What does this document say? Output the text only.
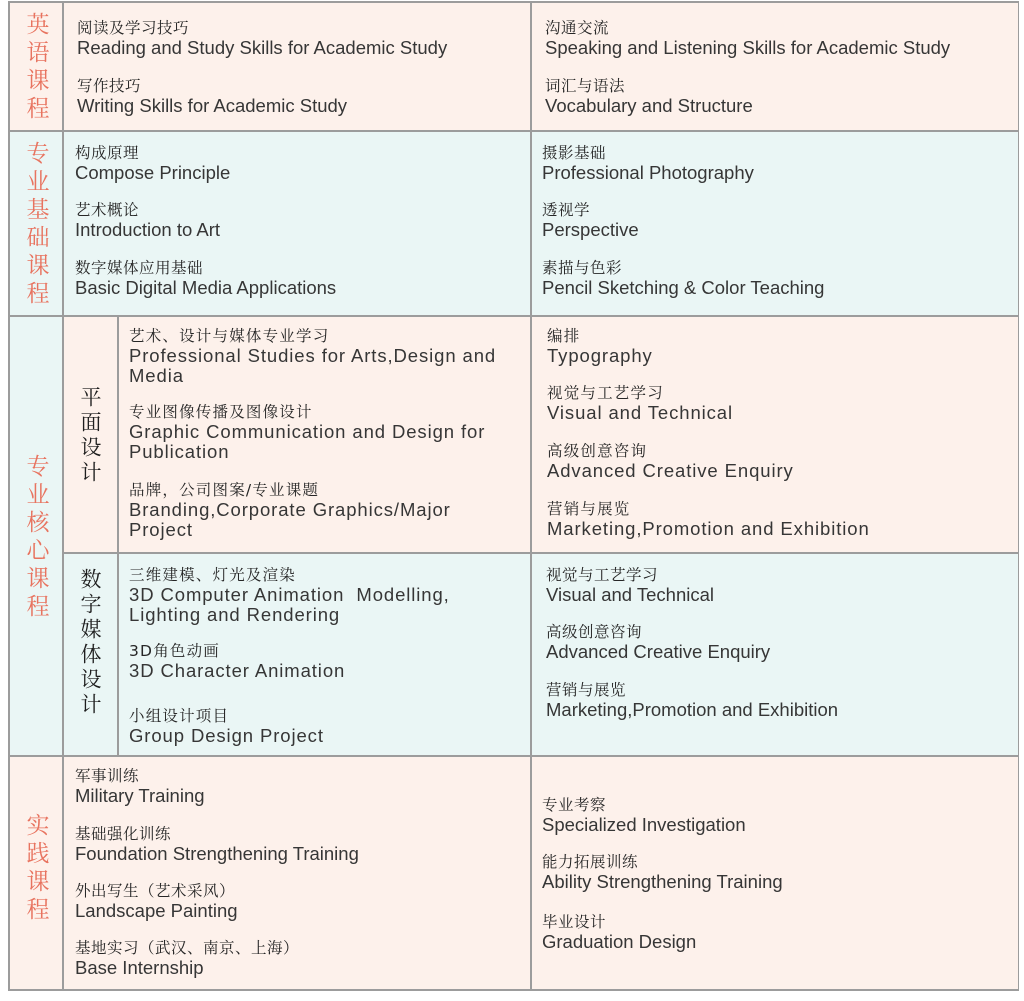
英语课程 阅读及学习技巧
Reading and Study Skills for Academic Study
写作技巧
Writing Skills for Academic Study
沟通交流
Speaking and Listening Skills for Academic Study
词汇与语法
Vocabulary and Structure
专业基础课程 构成原理
Compose Principle
艺术概论
Introduction to Art
数字媒体应用基础
Basic Digital Media Applications
摄影基础
Professional Photography
透视学
Perspective
素描与色彩
Pencil Sketching & Color Teaching
专业核心课程
平面设计
艺术、设计与媒体专业学习
Professional Studies for Arts,Design and Media
专业图像传播及图像设计
Graphic Communication and Design for Publication
品牌，公司图案/专业课题
Branding,Corporate Graphics/Major Project
编排
Typography
视觉与工艺学习
Visual and Technical
高级创意咨询
Advanced Creative Enquiry
营销与展览
Marketing,Promotion and Exhibition
数字媒体设计 三维建模、灯光及渲染
3D Computer Animation  Modelling, Lighting and Rendering
3D角色动画
3D Character Animation
小组设计项目
Group Design Project
视觉与工艺学习
Visual and Technical
高级创意咨询
Advanced Creative Enquiry
营销与展览
Marketing,Promotion and Exhibition
实践课程
军事训练
Military Training
基础强化训练
Foundation Strengthening Training
外出写生（艺术采风）
Landscape Painting
基地实习（武汉、南京、上海）
Base Internship
专业考察
Specialized Investigation
能力拓展训练
Ability Strengthening Training
毕业设计
Graduation Design
